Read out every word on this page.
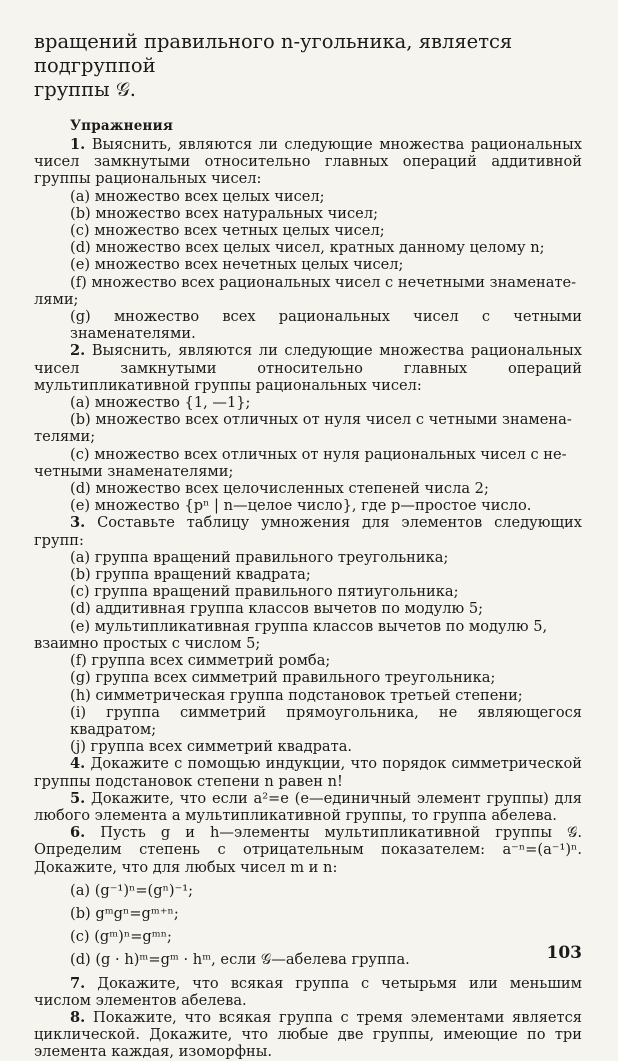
вращений правильного n-угольника, является подгруппой

группы 𝒢.

Упражнения

1. Выяснить, являются ли следующие множества рациональных чисел замкнутыми относительно главных операций аддитивной группы рациональных чисел:

(a) множество всех целых чисел;

(b) множество всех натуральных чисел;

(c) множество всех четных целых чисел;

(d) множество всех целых чисел, кратных данному целому n;

(e) множество всех нечетных целых чисел;

(f) множество всех рациональных чисел с нечетными знаменате-

лями;

(g) множество всех рациональных чисел с четными знаменателями.

2. Выяснить, являются ли следующие множества рациональных чисел замкнутыми относительно главных операций мультипликативной группы рациональных чисел:

(a) множество {1, —1};

(b) множество всех отличных от нуля чисел с четными знамена-

телями;

(c) множество всех отличных от нуля рациональных чисел с не-

четными знаменателями;

(d) множество всех целочисленных степеней числа 2;

(e) множество {pⁿ | n—целое число}, где p—простое число.

3. Составьте таблицу умножения для элементов следующих групп:

(a) группа вращений правильного треугольника;

(b) группа вращений квадрата;

(c) группа вращений правильного пятиугольника;

(d) аддитивная группа классов вычетов по модулю 5;

(e) мультипликативная группа классов вычетов по модулю 5,

взаимно простых с числом 5;

(f) группа всех симметрий ромба;

(g) группа всех симметрий правильного треугольника;

(h) симметрическая группа подстановок третьей степени;

(i) группа симметрий прямоугольника, не являющегося квадратом;

(j) группа всех симметрий квадрата.

4. Докажите с помощью индукции, что порядок симметрической группы подстановок степени n равен n!

5. Докажите, что если a²=e (e—единичный элемент группы) для любого элемента a мультипликативной группы, то группа абелева.

6. Пусть g и h—элементы мультипликативной группы 𝒢. Определим степень с отрицательным показателем: a⁻ⁿ=(a⁻¹)ⁿ. Докажите, что для любых чисел m и n:

(a) (g⁻¹)ⁿ=(gⁿ)⁻¹;

(b) gᵐgⁿ=gᵐ⁺ⁿ;

(c) (gᵐ)ⁿ=gᵐⁿ;

(d) (g · h)ᵐ=gᵐ · hᵐ, если 𝒢—абелева группа.

7. Докажите, что всякая группа с четырьмя или меньшим числом элементов абелева.

8. Покажите, что всякая группа с тремя элементами является циклической. Докажите, что любые две группы, имеющие по три элемента каждая, изоморфны.

103
